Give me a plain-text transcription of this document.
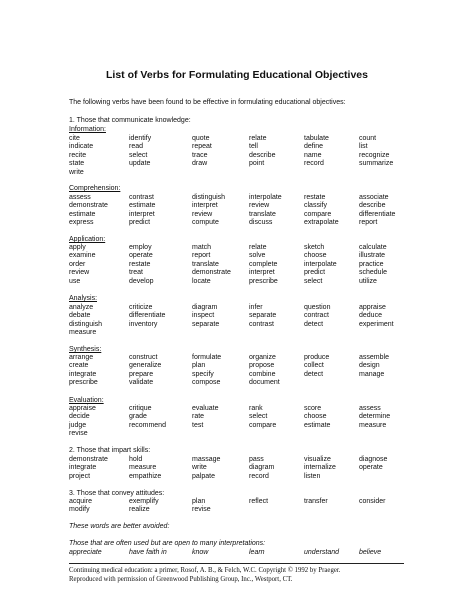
List of Verbs for Formulating Educational Objectives
The following verbs have been found to be effective in formulating educational objectives:
1. Those that communicate knowledge:
Information:
cite	identify	quote	relate	tabulate	count
indicate	read	repeat	tell	define	list
recite	select	trace	describe	name	recognize
state	update	draw	point	record	summarize
write
Comprehension:
assess	contrast	distinguish	interpolate	restate	associate
demonstrate	estimate	interpret	review	classify	describe
estimate	interpret	review	translate	compare	differentiate
express	predict	compute	discuss	extrapolate	report
Application:
apply	employ	match	relate	sketch	calculate
examine	operate	report	solve	choose	illustrate
order	restate	translate	complete	interpolate	practice
review	treat	demonstrate	interpret	predict	schedule
use	develop	locate	prescribe	select	utilize
Analysis:
analyze	criticize	diagram	infer	question	appraise
debate	differentiate	inspect	separate	contract	deduce
distinguish	inventory	separate	contrast	detect	experiment
measure
Synthesis:
arrange	construct	formulate	organize	produce	assemble
create	generalize	plan	propose	collect	design
integrate	prepare	specify	combine	detect	manage
prescribe	validate	compose	document
Evaluation:
appraise	critique	evaluate	rank	score	assess
decide	grade	rate	select	choose	determine
judge	recommend	test	compare	estimate	measure
revise
2. Those that impart skills:
demonstrate	hold	massage	pass	visualize	diagnose
integrate	measure	write	diagram	internalize	operate
project	empathize	palpate	record	listen
3. Those that convey attitudes:
acquire	exemplify	plan	reflect	transfer	consider
modify	realize	revise
These words are better avoided:
Those that are often used but are open to many interpretations:
appreciate	have faith in	know	learn	understand	believe
Continuing medical education: a primer, Rosof, A. B., & Felch, W.C. Copyright © 1992 by Praeger.
Reproduced with permission of Greenwood Publishing Group, Inc., Westport, CT.
